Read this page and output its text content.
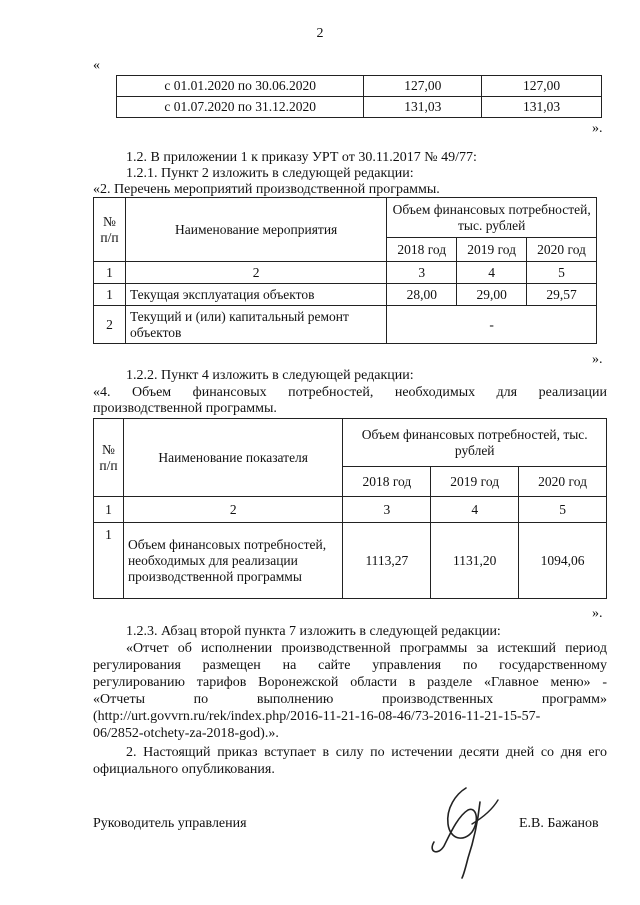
2
«
с 01.01.2020 по 30.06.2020	127,00	127,00
с 01.07.2020 по 31.12.2020	131,03	131,03
».
1.2. В приложении 1 к приказу УРТ от 30.11.2017 № 49/77:
1.2.1. Пункт 2 изложить в следующей редакции:
«2. Перечень мероприятий производственной программы.
№ п/п	Наименование мероприятия	Объем финансовых потребностей, тыс. рублей		
		2018 год	2019 год	2020 год
1	2	3	4	5
1	Текущая эксплуатация объектов	28,00	29,00	29,57
2	Текущий и (или) капитальный ремонт объектов	-		
».
1.2.2. Пункт 4 изложить в следующей редакции:
«4. Объем финансовых потребностей, необходимых для реализации
производственной программы.
№ п/п	Наименование показателя	Объем финансовых потребностей, тыс. рублей		
		2018 год	2019 год	2020 год
1	2	3	4	5
1	Объем финансовых потребностей, необходимых для реализации производственной программы	1113,27	1131,20	1094,06
».
1.2.3. Абзац второй пункта 7 изложить в следующей редакции:
«Отчет об исполнении производственной программы за истекший период
регулирования размещен на сайте управления по государственному
регулированию тарифов Воронежской области в разделе «Главное меню» -
«Отчеты по выполнению производственных программ»
(http://urt.govvrn.ru/rek/index.php/2016-11-21-16-08-46/73-2016-11-21-15-57-
06/2852-otchety-za-2018-god).».
2. Настоящий приказ вступает в силу по истечении десяти дней со дня его
официального опубликования.
Руководитель управления	Е.В. Бажанов
